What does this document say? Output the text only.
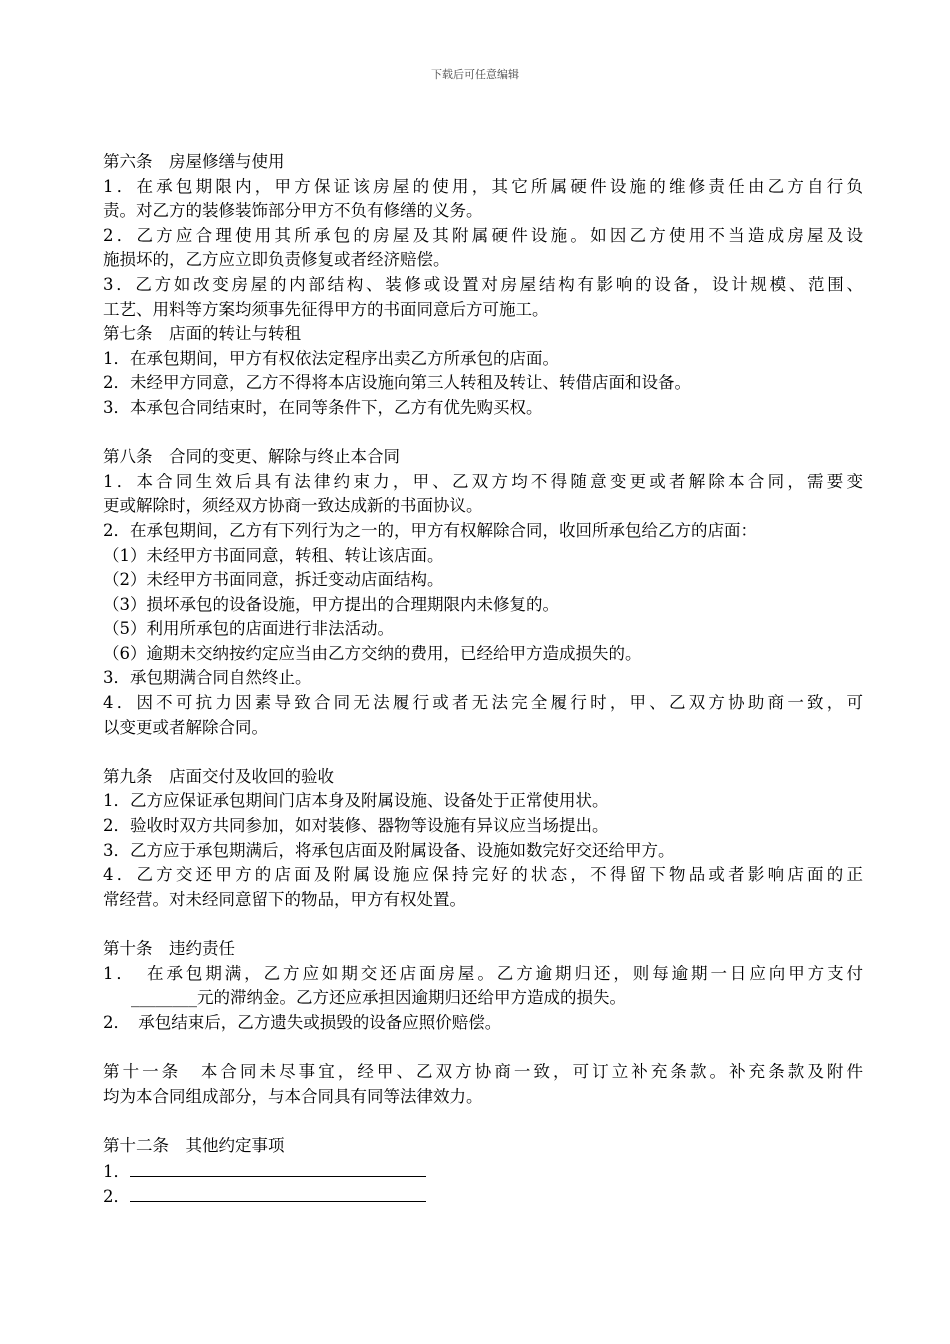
下载后可任意编辑
第六条　房屋修缮与使用
1．在承包期限内，甲方保证该房屋的使用，其它所属硬件设施的维修责任由乙方自行负
责。对乙方的装修装饰部分甲方不负有修缮的义务。
2．乙方应合理使用其所承包的房屋及其附属硬件设施。如因乙方使用不当造成房屋及设
施损坏的，乙方应立即负责修复或者经济赔偿。
3．乙方如改变房屋的内部结构、装修或设置对房屋结构有影响的设备，设计规模、范围、
工艺、用料等方案均须事先征得甲方的书面同意后方可施工。
第七条　店面的转让与转租
1．在承包期间，甲方有权依法定程序出卖乙方所承包的店面。
2．未经甲方同意，乙方不得将本店设施向第三人转租及转让、转借店面和设备。
3．本承包合同结束时，在同等条件下，乙方有优先购买权。
第八条　合同的变更、解除与终止本合同
1．本合同生效后具有法律约束力，甲、乙双方均不得随意变更或者解除本合同，需要变
更或解除时，须经双方协商一致达成新的书面协议。
2．在承包期间，乙方有下列行为之一的，甲方有权解除合同，收回所承包给乙方的店面：
（1）未经甲方书面同意，转租、转让该店面。
（2）未经甲方书面同意，拆迁变动店面结构。
（3）损坏承包的设备设施，甲方提出的合理期限内未修复的。
（5）利用所承包的店面进行非法活动。
（6）逾期未交纳按约定应当由乙方交纳的费用，已经给甲方造成损失的。
3．承包期满合同自然终止。
4．因不可抗力因素导致合同无法履行或者无法完全履行时，甲、乙双方协助商一致，可
以变更或者解除合同。
第九条　店面交付及收回的验收
1．乙方应保证承包期间门店本身及附属设施、设备处于正常使用状。
2．验收时双方共同参加，如对装修、器物等设施有异议应当场提出。
3．乙方应于承包期满后，将承包店面及附属设备、设施如数完好交还给甲方。
4．乙方交还甲方的店面及附属设施应保持完好的状态，不得留下物品或者影响店面的正
常经营。对未经同意留下的物品，甲方有权处置。
第十条　违约责任
1．　在承包期满，乙方应如期交还店面房屋。乙方逾期归还，则每逾期一日应向甲方支付
________元的滞纳金。乙方还应承担因逾期归还给甲方造成的损失。
2．　承包结束后，乙方遗失或损毁的设备应照价赔偿。
第十一条　本合同未尽事宜，经甲、乙双方协商一致，可订立补充条款。补充条款及附件
均为本合同组成部分，与本合同具有同等法律效力。
第十二条　其他约定事项
1．
2．
